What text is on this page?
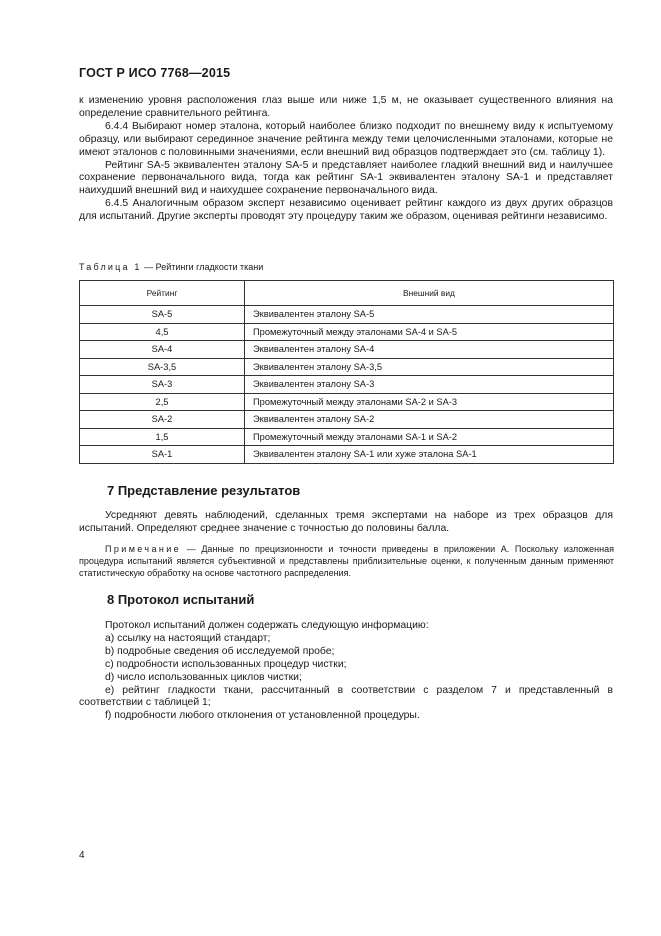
ГОСТ Р ИСО 7768—2015

к изменению уровня расположения глаз выше или ниже 1,5 м, не оказывает существенного влияния на определение сравнительного рейтинга.

6.4.4 Выбирают номер эталона, который наиболее близко подходит по внешнему виду к испытуемому образцу, или выбирают серединное значение рейтинга между теми целочисленными эталонами, которые не имеют эталонов с половинными значениями, если внешний вид образцов подтверждает это (см. таблицу 1).

Рейтинг SA-5 эквивалентен эталону SA-5 и представляет наиболее гладкий внешний вид и наилучшее сохранение первоначального вида, тогда как рейтинг SA-1 эквивалентен эталону SA-1 и представляет наихудший внешний вид и наихудшее сохранение первоначального вида.

6.4.5 Аналогичным образом эксперт независимо оценивает рейтинг каждого из двух других образцов для испытаний. Другие эксперты проводят эту процедуру таким же образом, оценивая рейтинги независимо.

Таблица 1 — Рейтинги гладкости ткани
Рейтинг	Внешний вид
SA-5	Эквивалентен эталону SA-5
4,5	Промежуточный между эталонами SA-4 и SA-5
SA-4	Эквивалентен эталону SA-4
SA-3,5	Эквивалентен эталону SA-3,5
SA-3	Эквивалентен эталону SA-3
2,5	Промежуточный между эталонами SA-2 и SA-3
SA-2	Эквивалентен эталону SA-2
1,5	Промежуточный между эталонами SA-1 и SA-2
SA-1	Эквивалентен эталону SA-1 или хуже эталона SA-1
7 Представление результатов

Усредняют девять наблюдений, сделанных тремя экспертами на наборе из трех образцов для испытаний. Определяют среднее значение с точностью до половины балла.

Примечание — Данные по прецизионности и точности приведены в приложении А. Поскольку изложенная процедура испытаний является субъективной и представлены приблизительные оценки, к полученным данным применяют статистическую обработку на основе частотного распределения.

8 Протокол испытаний

Протокол испытаний должен содержать следующую информацию:

a) ссылку на настоящий стандарт;

b) подробные сведения об исследуемой пробе;

c) подробности использованных процедур чистки;

d) число использованных циклов чистки;

e) рейтинг гладкости ткани, рассчитанный в соответствии с разделом 7 и представленный в соответствии с таблицей 1;

f) подробности любого отклонения от установленной процедуры.

4
